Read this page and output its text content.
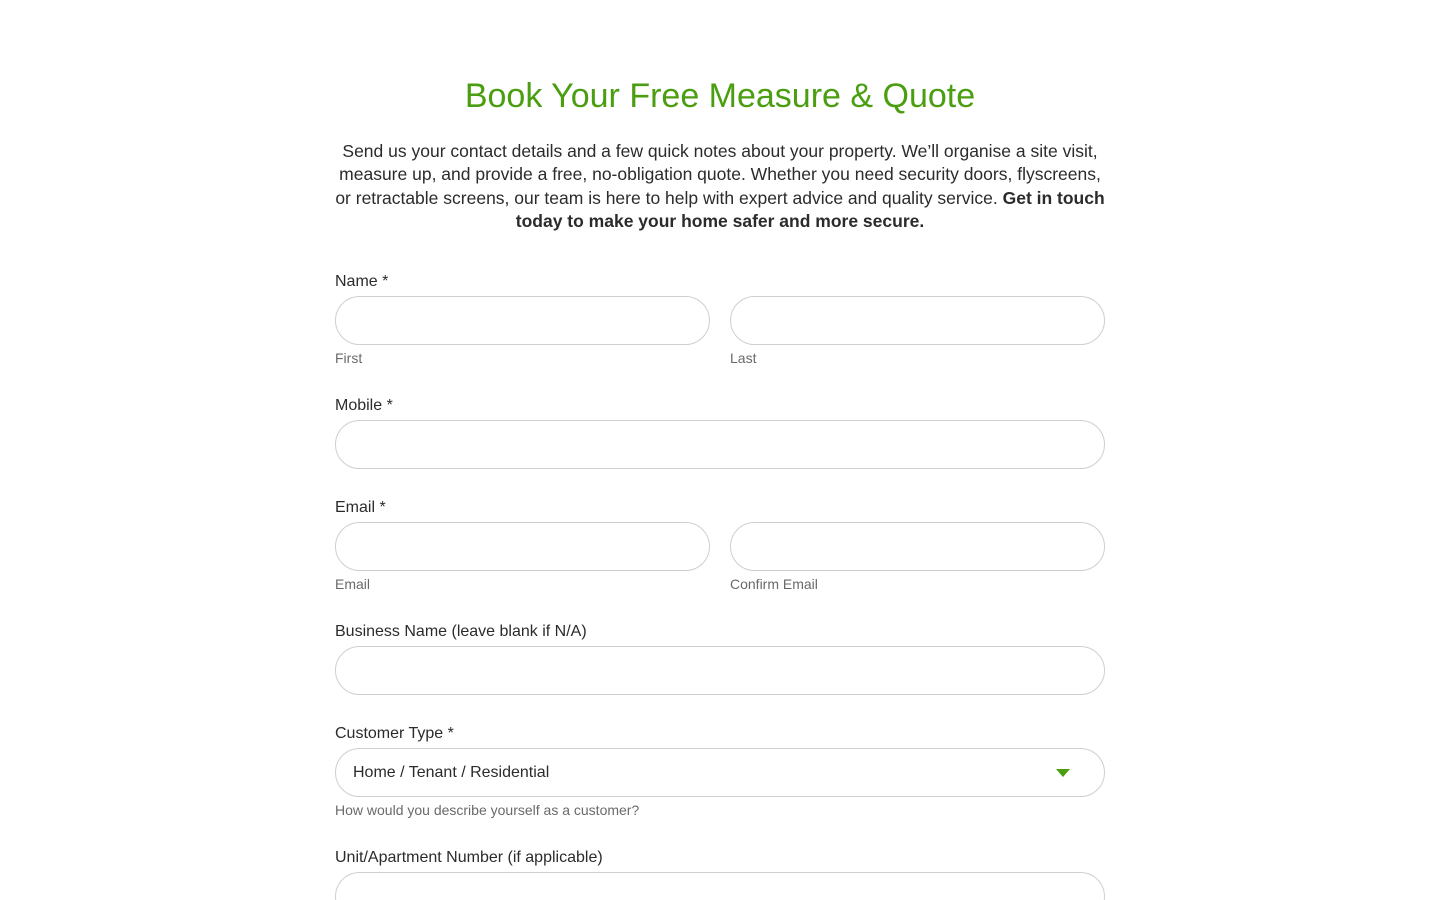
Book Your Free Measure & Quote

Send us your contact details and a few quick notes about your property. We’ll organise a site visit, measure up, and provide a free, no-obligation quote. Whether you need security doors, flyscreens, or retractable screens, our team is here to help with expert advice and quality service. Get in touch today to make your home safer and more secure.

Name *
First	Last
Mobile *
Email *
Email	Confirm Email
Business Name (leave blank if N/A)
Customer Type *
Home / Tenant / Residential
How would you describe yourself as a customer?
Unit/Apartment Number (if applicable)
